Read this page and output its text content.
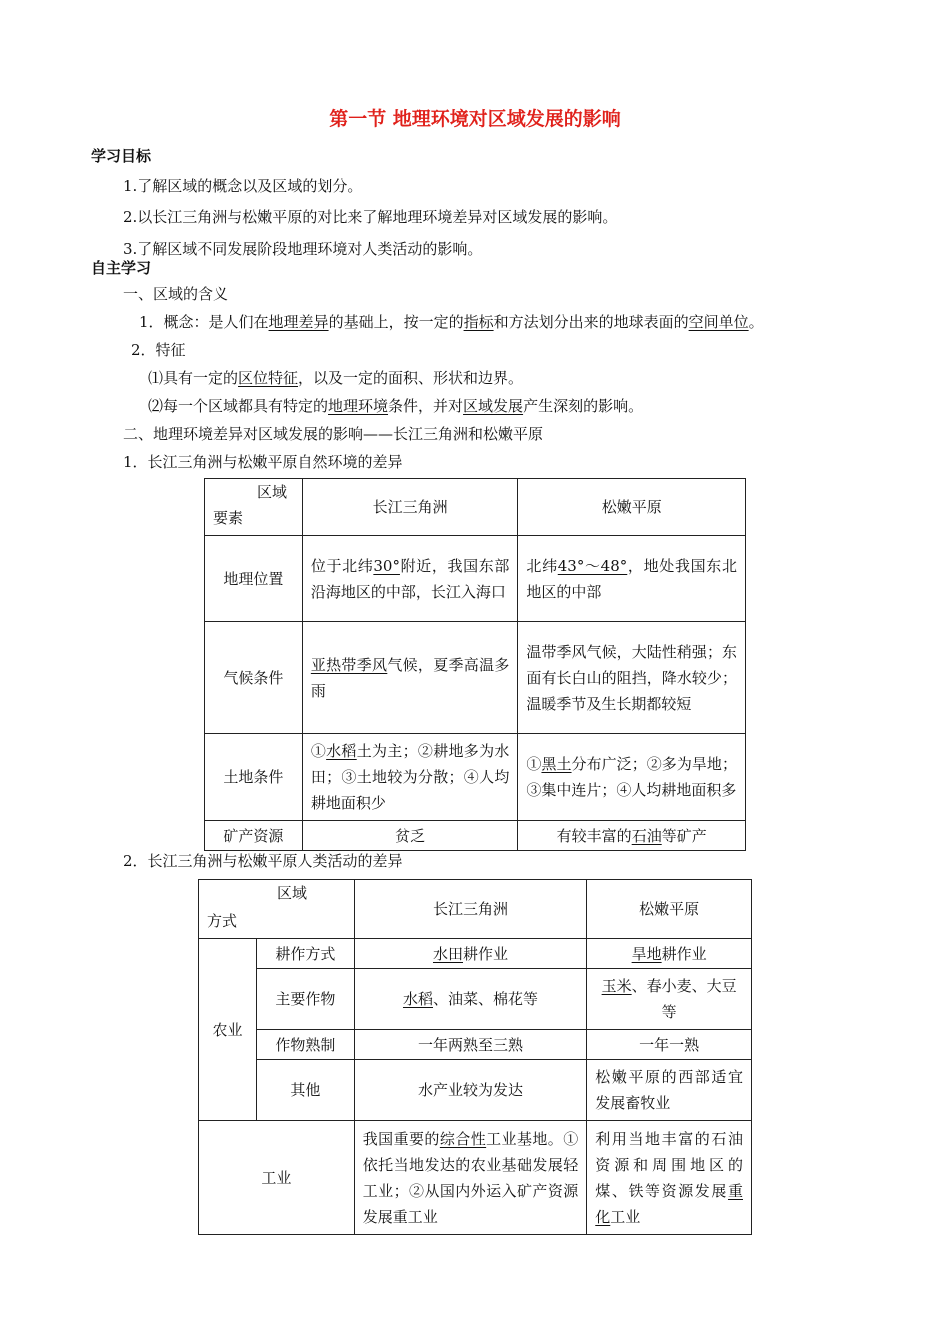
第一节 地理环境对区域发展的影响
学习目标
1.了解区域的概念以及区域的划分。
2.以长江三角洲与松嫩平原的对比来了解地理环境差异对区域发展的影响。
3.了解区域不同发展阶段地理环境对人类活动的影响。
自主学习
一、区域的含义
1．概念：是人们在地理差异的基础上，按一定的指标和方法划分出来的地球表面的空间单位。
2．特征
⑴具有一定的区位特征，以及一定的面积、形状和边界。
⑵每一个区域都具有特定的地理环境条件，并对区域发展产生深刻的影响。
二、地理环境差异对区域发展的影响——长江三角洲和松嫩平原
1．长江三角洲与松嫩平原自然环境的差异
区域
要素	长江三角洲	松嫩平原
地理位置	位于北纬30°附近，我国东部沿海地区的中部，长江入海口	北纬43°～48°，地处我国东北地区的中部
气候条件	亚热带季风气候，夏季高温多雨	温带季风气候，大陆性稍强；东面有长白山的阻挡，降水较少；温暖季节及生长期都较短
土地条件	①水稻土为主；②耕地多为水田；③土地较为分散；④人均耕地面积少	①黑土分布广泛；②多为旱地；③集中连片；④人均耕地面积多
矿产资源	贫乏	有较丰富的石油等矿产
2．长江三角洲与松嫩平原人类活动的差异
区域
方式		长江三角洲	松嫩平原
农业	耕作方式	水田耕作业	旱地耕作业
	主要作物	水稻、油菜、棉花等	玉米、春小麦、大豆等
	作物熟制	一年两熟至三熟	一年一熟
	其他	水产业较为发达	松嫩平原的西部适宜发展畜牧业
工业		我国重要的综合性工业基地。①依托当地发达的农业基础发展轻工业；②从国内外运入矿产资源发展重工业	利用当地丰富的石油资源和周围地区的煤、铁等资源发展重化工业
